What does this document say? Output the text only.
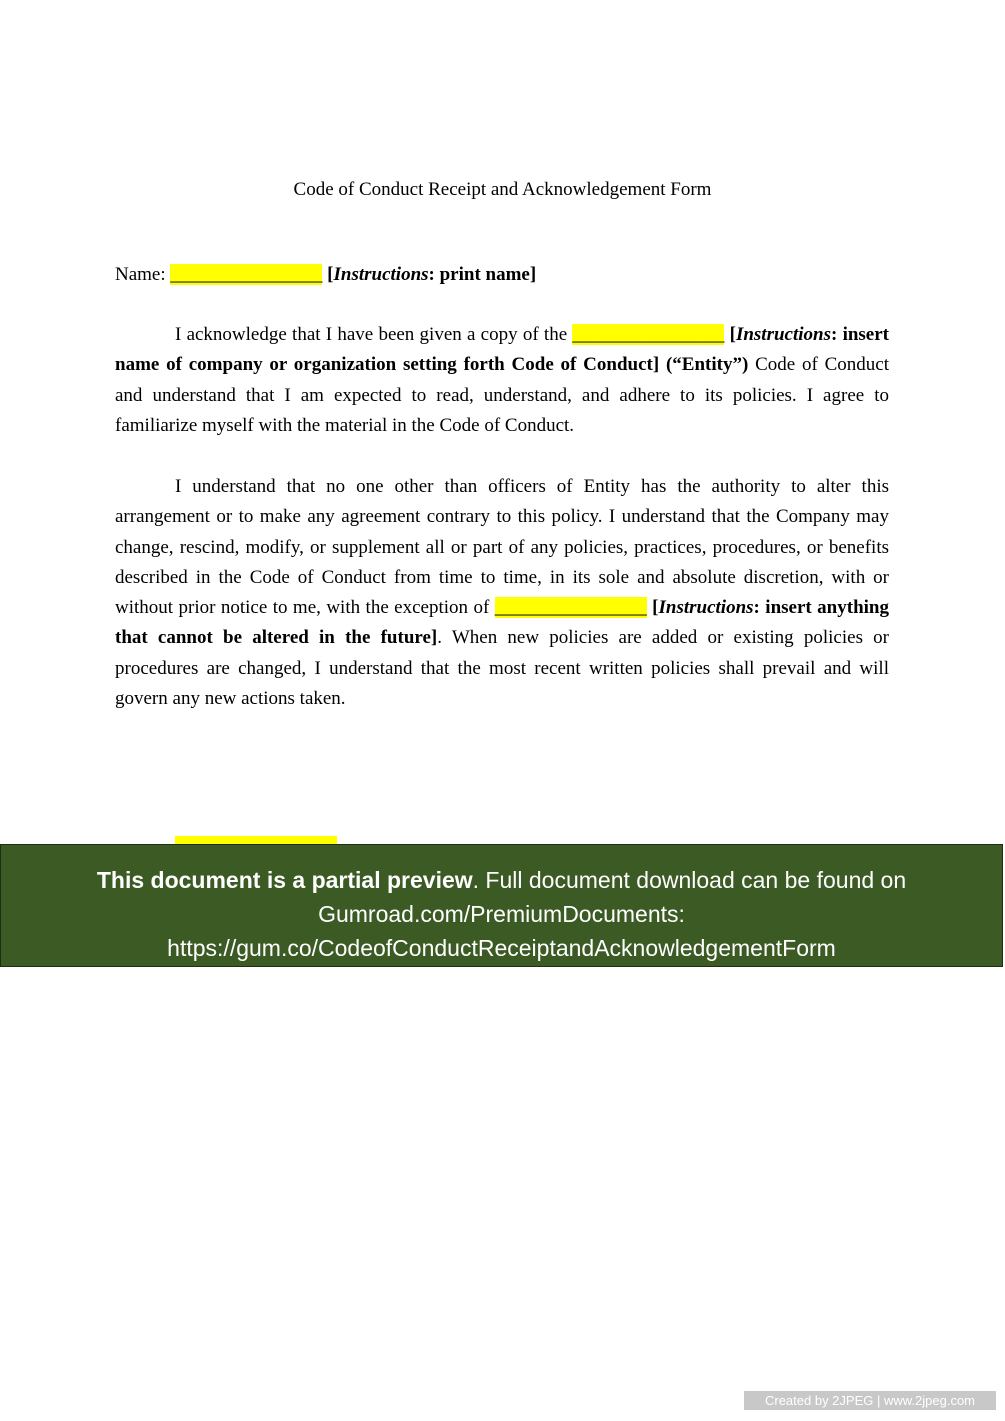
Code of Conduct Receipt and Acknowledgement Form
Name: ________________ [Instructions: print name]

I acknowledge that I have been given a copy of the ________________ [Instructions: insert name of company or organization setting forth Code of Conduct] (“Entity”) Code of Conduct and understand that I am expected to read, understand, and adhere to its policies. I agree to familiarize myself with the material in the Code of Conduct.

I understand that no one other than officers of Entity has the authority to alter this arrangement or to make any agreement contrary to this policy. I understand that the Company may change, rescind, modify, or supplement all or part of any policies, practices, procedures, or benefits described in the Code of Conduct from time to time, in its sole and absolute discretion, with or without prior notice to me, with the exception of ________________ [Instructions: insert anything that cannot be altered in the future]. When new policies are added or existing policies or procedures are changed, I understand that the most recent written policies shall prevail and will govern any new actions taken.

This document is a partial preview. Full document download can be found on Gumroad.com/PremiumDocuments:
https://gum.co/CodeofConductReceiptandAcknowledgementForm
Created by 2JPEG | www.2jpeg.com
